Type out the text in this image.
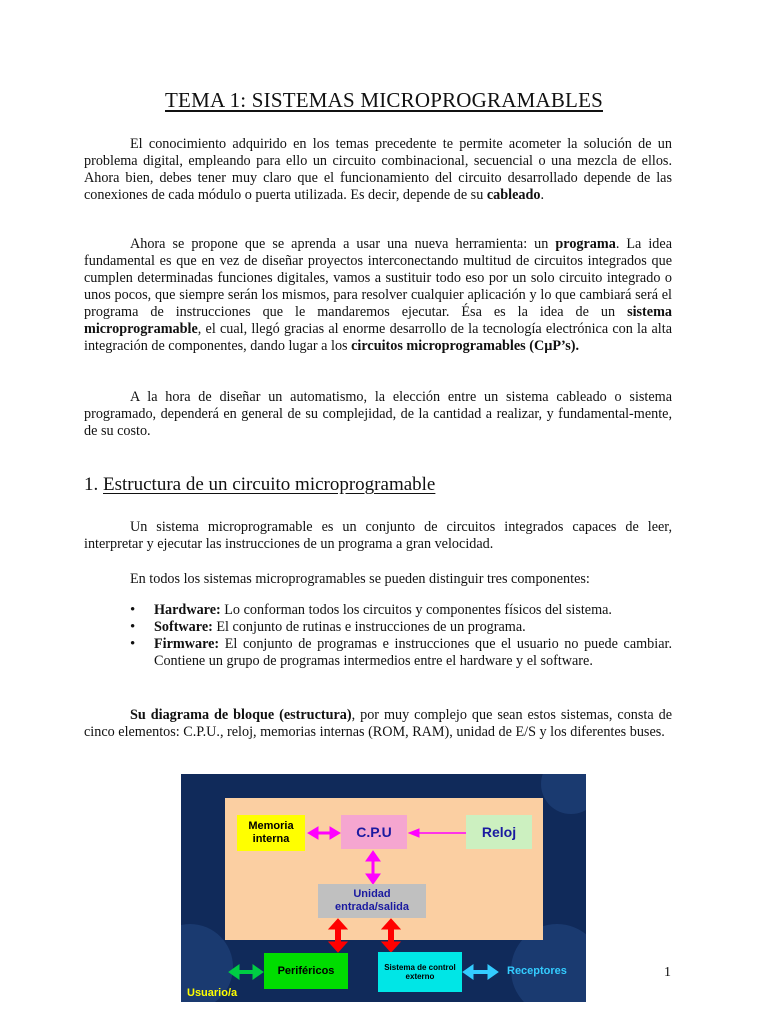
TEMA 1: SISTEMAS MICROPROGRAMABLES

El conocimiento adquirido en los temas precedente te permite acometer la solución de un problema digital, empleando para ello un circuito combinacional, secuencial o una mezcla de ellos. Ahora bien, debes tener muy claro que el funcionamiento del circuito desarrollado depende de las conexiones de cada módulo o puerta utilizada. Es decir, depende de su cableado.

Ahora se propone que se aprenda a usar una nueva herramienta: un programa. La idea fundamental es que en vez de diseñar proyectos interconectando multitud de circuitos integrados que cumplen determinadas funciones digitales, vamos a sustituir todo eso por un solo circuito integrado o unos pocos, que siempre serán los mismos, para resolver cualquier aplicación y lo que cambiará será el programa de instrucciones que le mandaremos ejecutar. Ésa es la idea de un sistema microprogramable, el cual, llegó gracias al enorme desarrollo de la tecnología electrónica con la alta integración de componentes, dando lugar a los circuitos microprogramables (CµP’s).

A la hora de diseñar un automatismo, la elección entre un sistema cableado o sistema programado, dependerá en general de su complejidad, de la cantidad a realizar, y fundamental-mente, de su costo.

1. Estructura de un circuito microprogramable

Un sistema microprogramable es un conjunto de circuitos integrados capaces de leer, interpretar y ejecutar las instrucciones de un programa a gran velocidad.

En todos los sistemas microprogramables se pueden distinguir tres componentes:

• Hardware: Lo conforman todos los circuitos y componentes físicos del sistema.
• Software: El conjunto de rutinas e instrucciones de un programa.
• Firmware: El conjunto de programas e instrucciones que el usuario no puede cambiar. Contiene un grupo de programas intermedios entre el hardware y el software.

Su diagrama de bloque (estructura), por muy complejo que sean estos sistemas, consta de cinco elementos: C.P.U., reloj, memorias internas (ROM, RAM), unidad de E/S y los diferentes buses.

Memoria interna	C.P.U	Reloj
Unidad entrada/salida
Periféricos	Sistema de control externo	Receptores
Usuario/a
1
